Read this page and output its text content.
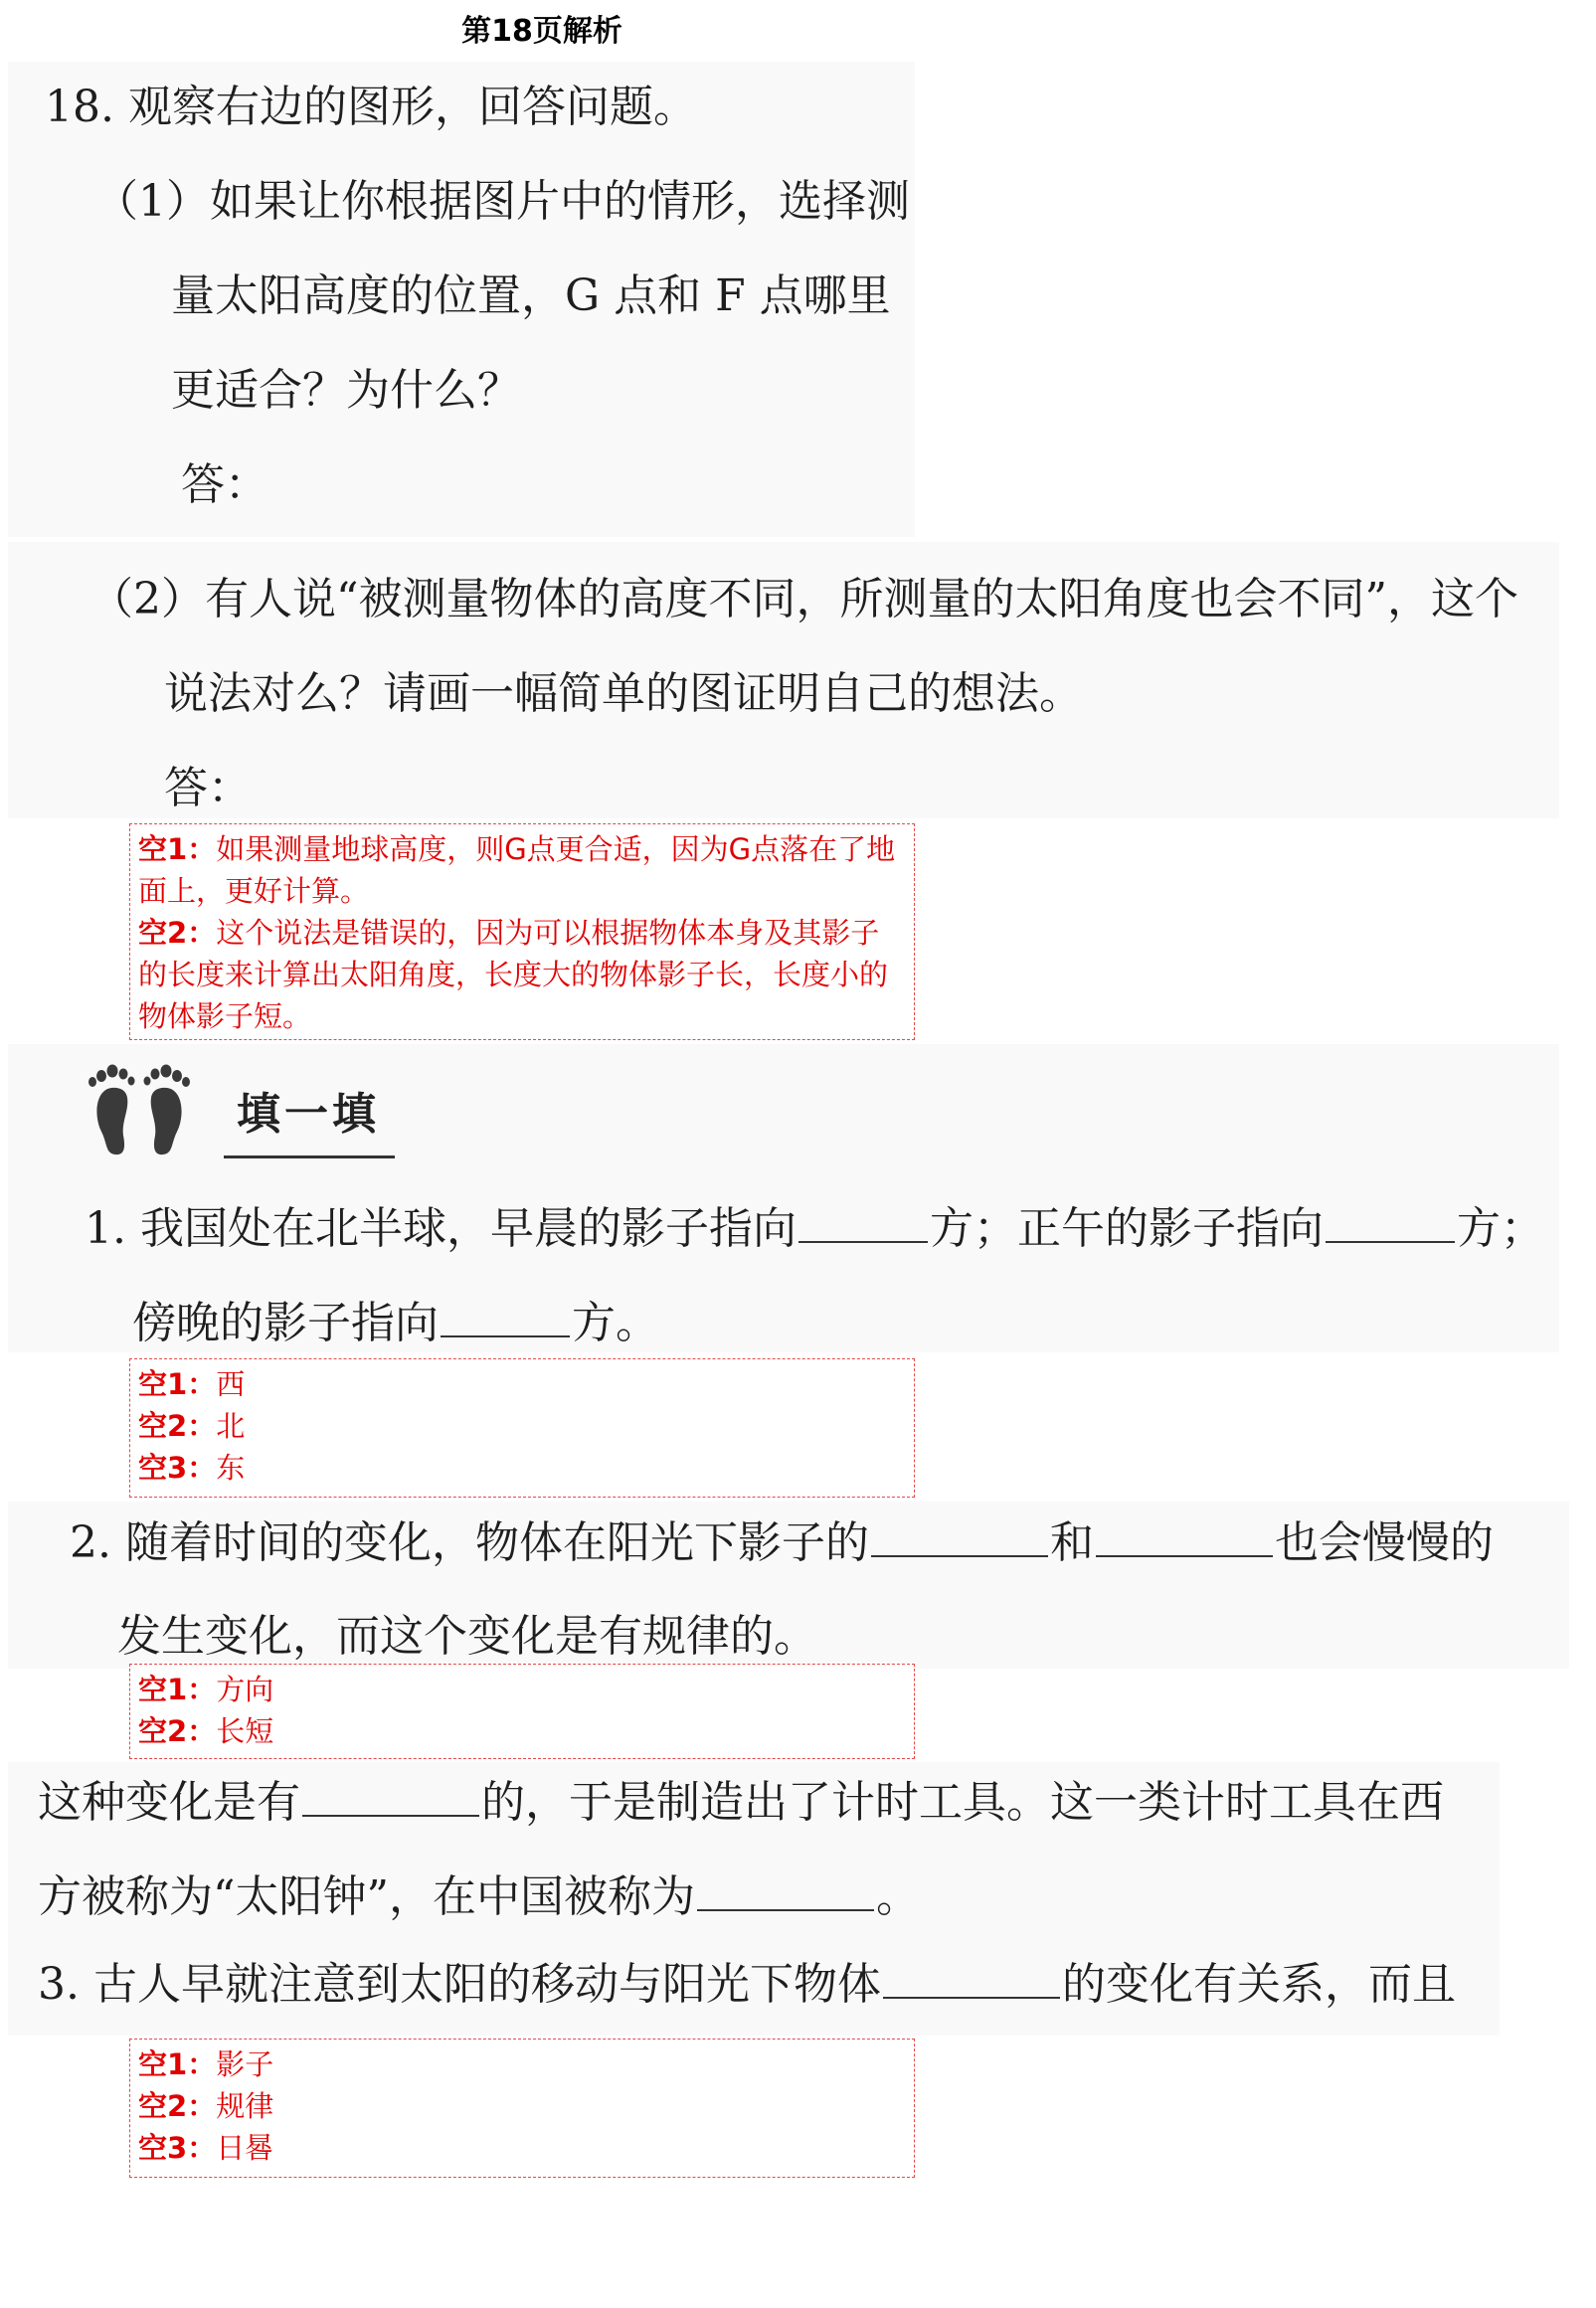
第18页解析
18. 观察右边的图形，回答问题。
（1）如果让你根据图片中的情形，选择测
量太阳高度的位置，G 点和 F 点哪里
更适合？为什么？
答：
（2）有人说“被测量物体的高度不同，所测量的太阳角度也会不同”，这个
说法对么？请画一幅简单的图证明自己的想法。
答：
空1：如果测量地球高度，则G点更合适，因为G点落在了地面上，更好计算。
空2：这个说法是错误的，因为可以根据物体本身及其影子的长度来计算出太阳角度，长度大的物体影子长，长度小的物体影子短。
填一填
1. 我国处在北半球，早晨的影子指向	方；正午的影子指向	方；
傍晚的影子指向	方。
空1：西
空2：北
空3：东
2. 随着时间的变化，物体在阳光下影子的	和	也会慢慢的
发生变化，而这个变化是有规律的。
空1：方向
空2：长短
这种变化是有	的，于是制造出了计时工具。这一类计时工具在西
方被称为“太阳钟”，在中国被称为	。
3. 古人早就注意到太阳的移动与阳光下物体	的变化有关系，而且
空1：影子
空2：规律
空3：日晷
